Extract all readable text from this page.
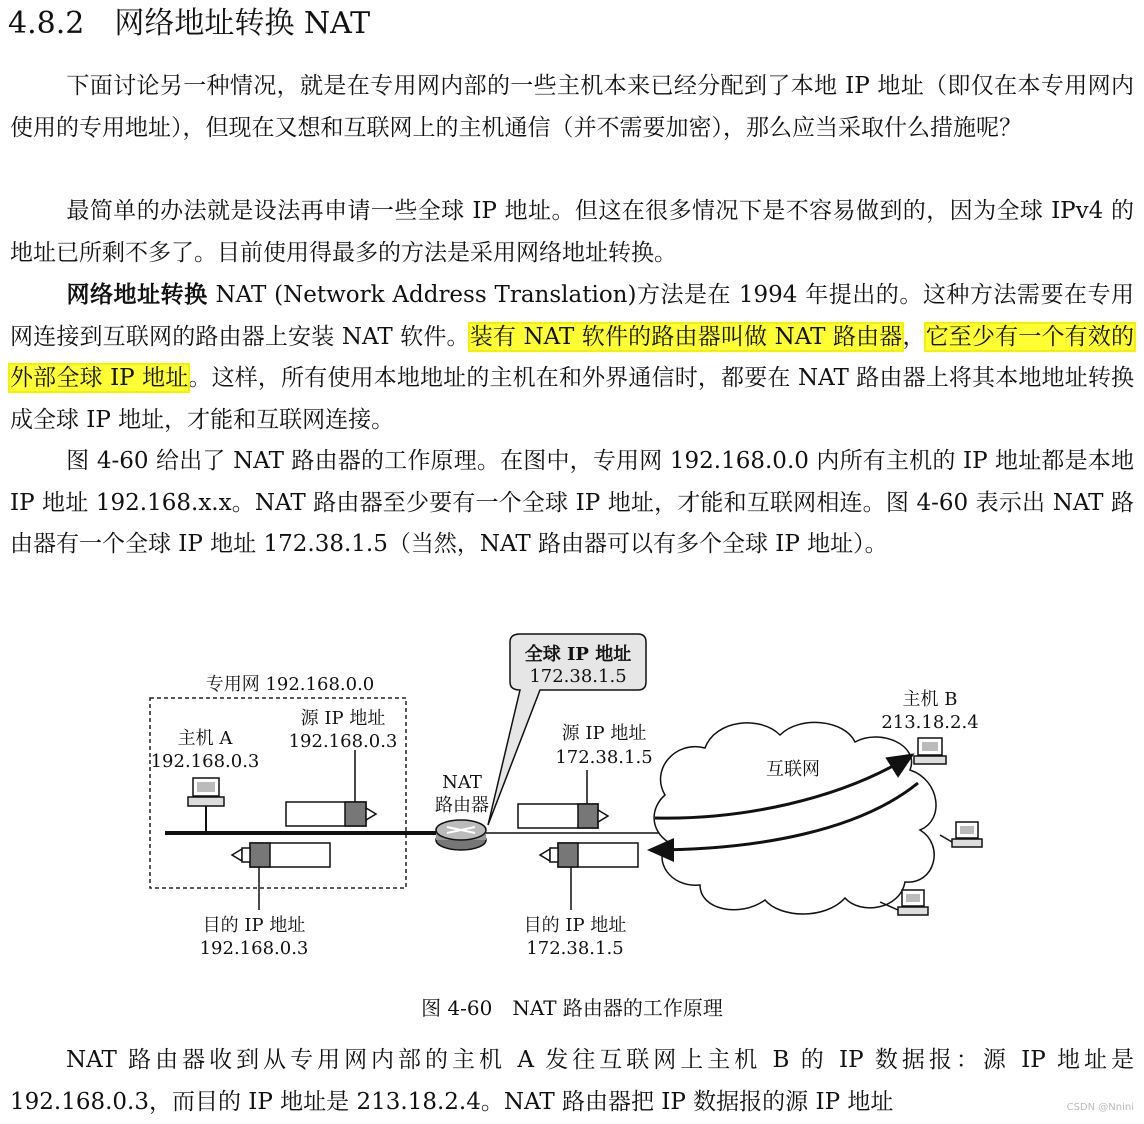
4.8.2 网络地址转换 NAT

下面讨论另一种情况，就是在专用网内部的一些主机本来已经分配到了本地 IP 地址（即仅在本专用网内使用的专用地址），但现在又想和互联网上的主机通信（并不需要加密），那么应当采取什么措施呢？

最简单的办法就是设法再申请一些全球 IP 地址。但这在很多情况下是不容易做到的，因为全球 IPv4 的地址已所剩不多了。目前使用得最多的方法是采用网络地址转换。

网络地址转换 NAT (Network Address Translation)方法是在 1994 年提出的。这种方法需要在专用网连接到互联网的路由器上安装 NAT 软件。装有 NAT 软件的路由器叫做 NAT 路由器，它至少有一个有效的外部全球 IP 地址。这样，所有使用本地地址的主机在和外界通信时，都要在 NAT 路由器上将其本地地址转换成全球 IP 地址，才能和互联网连接。

图 4-60 给出了 NAT 路由器的工作原理。在图中，专用网 192.168.0.0 内所有主机的 IP 地址都是本地 IP 地址 192.168.x.x。NAT 路由器至少要有一个全球 IP 地址，才能和互联网相连。图 4-60 表示出 NAT 路由器有一个全球 IP 地址 172.38.1.5（当然，NAT 路由器可以有多个全球 IP 地址）。

专用网 192.168.0.0
主机 A
192.168.0.3
源 IP 地址
192.168.0.3
目的 IP 地址
192.168.0.3
NAT
路由器
全球 IP 地址
172.38.1.5
源 IP 地址
172.38.1.5
目的 IP 地址
172.38.1.5
互联网
主机 B
213.18.2.4

图 4-60　NAT 路由器的工作原理

NAT 路由器收到从专用网内部的主机 A 发往互联网上主机 B 的 IP 数据报：源 IP 地址是 192.168.0.3，而目的 IP 地址是 213.18.2.4。NAT 路由器把 IP 数据报的源 IP 地址	CSDN @Nnini
